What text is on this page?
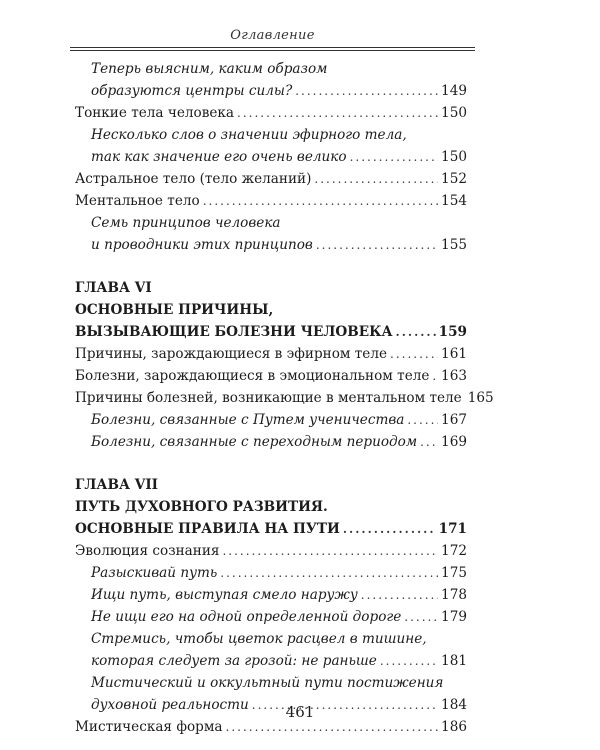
Оглавление
Теперь выясним, каким образом
образуются центры силы? .....	149
Тонкие тела человека .....	150
Несколько слов о значении эфирного тела,
так как значение его очень велико .....	150
Астральное тело (тело желаний) .....	152
Ментальное тело .....	154
Семь принципов человека
и проводники этих принципов .....	155
ГЛАВА VI
ОСНОВНЫЕ ПРИЧИНЫ,
ВЫЗЫВАЮЩИЕ БОЛЕЗНИ ЧЕЛОВЕКА .....	159
Причины, зарождающиеся в эфирном теле .....	161
Болезни, зарождающиеся в эмоциональном теле ..... 163
Причины болезней, возникающие в ментальном теле 165
Болезни, связанные с Путем ученичества .....	167
Болезни, связанные с переходным периодом ..... 169
ГЛАВА VII
ПУТЬ ДУХОВНОГО РАЗВИТИЯ.
ОСНОВНЫЕ ПРАВИЛА НА ПУТИ .....	171
Эволюция сознания .....	172
Разыскивай путь .....	175
Ищи путь, выступая смело наружу .....	178
Не ищи его на одной определенной дороге .....	179
Стремись, чтобы цветок расцвел в тишине,
которая следует за грозой: не раньше .....	181
Мистический и оккультный пути постижения
духовной реальности .....	184
Мистическая форма .....	186
461
